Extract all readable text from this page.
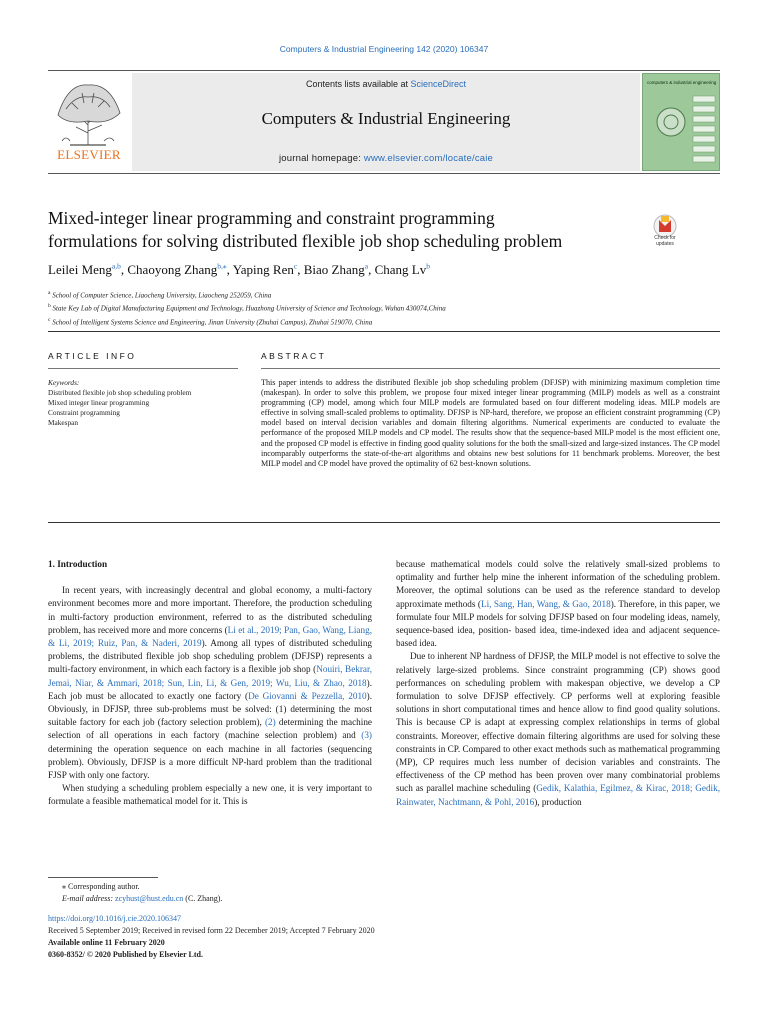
Computers & Industrial Engineering 142 (2020) 106347
ELSEVIER
Contents lists available at ScienceDirect
Computers & Industrial Engineering
journal homepage: www.elsevier.com/locate/caie
computers & industrial engineering
Mixed-integer linear programming and constraint programming
formulations for solving distributed flexible job shop scheduling problem	Check for updates
Leilei Meng$^{a,b}$, Chaoyong Zhang$^{b,⁎}$, Yaping Ren$^c$, Biao Zhang$^a$, Chang Lv$^b$
$^a$ School of Computer Science, Liaocheng University, Liaocheng 252059, China
$^b$ State Key Lab of Digital Manufacturing Equipment and Technology, Huazhong University of Science and Technology, Wuhan 430074,China
$^c$ School of Intelligent Systems Science and Engineering, Jinan University (Zhuhai Campus), Zhuhai 519070, China
ARTICLE INFO
Keywords:
Distributed flexible job shop scheduling problem
Mixed integer linear programming
Constraint programming
Makespan
ABSTRACT
This paper intends to address the distributed flexible job shop scheduling problem (DFJSP) with minimizing maximum completion time (makespan). In order to solve this problem, we propose four mixed integer linear programming (MILP) models as well as a constraint programming (CP) model, among which four MILP models are formulated based on four different modeling ideas. MILP models are effective in solving small-scaled problems to optimality. DFJSP is NP-hard, therefore, we propose an efficient constraint programming (CP) model based on interval decision variables and domain filtering algorithms. Numerical experiments are conducted to evaluate the performance of the proposed MILP models and CP model. The results show that the sequence-based MILP model is the most efficient one, and the proposed CP model is effective in finding good quality solutions for the both the small-sized and large-sized instances. The CP model incomparably outperforms the state-of-the-art algorithms and obtains new best solutions for 11 benchmark problems. Moreover, the best MILP model and CP model have proved the optimality of 62 best-known solutions.
1. Introduction

In recent years, with increasingly decentral and global economy, a multi-factory environment becomes more and more important. Therefore, the production scheduling in multi-factory production environment, referred to as the distributed scheduling problem, has received more and more concerns (Li et al., 2019; Pan, Gao, Wang, Liang, & Li, 2019; Ruiz, Pan, & Naderi, 2019). Among all types of distributed scheduling problems, the distributed flexible job shop scheduling problem (DFJSP) represents a multi-factory environment, in which each factory is a flexible job shop (Nouiri, Bekrar, Jemai, Niar, & Ammari, 2018; Sun, Lin, Li, & Gen, 2019; Wu, Liu, & Zhao, 2018). Each job must be allocated to exactly one factory (De Giovanni & Pezzella, 2010). Obviously, in DFJSP, three sub-problems must be solved: (1) determining the most suitable factory for each job (factory selection problem), (2) determining the machine selection of all operations in each factory (machine selection problem) and (3) determining the operation sequence on each machine in all factories (sequencing problem). Obviously, DFJSP is a more difficult NP-hard problem than the traditional FJSP with only one factory.

When studying a scheduling problem especially a new one, it is very important to formulate a feasible mathematical model for it. This is

because mathematical models could solve the relatively small-sized problems to optimality and further help mine the inherent information of the scheduling problem. Moreover, the optimal solutions can be used as the reference standard to develop approximate methods (Li, Sang, Han, Wang, & Gao, 2018). Therefore, in this paper, we formulate four MILP models for solving DFJSP based on four modeling ideas, namely, sequence-based idea, position- based idea, time-indexed idea and adjacent sequence-based idea.

Due to inherent NP hardness of DFJSP, the MILP model is not effective to solve the relatively large-sized problems. Since constraint programming (CP) shows good performances on scheduling problem with makespan objective, we develop a CP formulation to solve DFJSP effectively. CP performs well at exploring feasible solutions in short computational times and hence allow to find good quality solutions. This is because CP is adapt at expressing complex relationships in terms of global constraints. Moreover, effective domain filtering algorithms are used for solving these constraints in CP. Compared to other exact methods such as mathematical programming (MP), CP requires much less number of decision variables and constraints. The effectiveness of the CP method has been proven over many combinatorial problems such as parallel machine scheduling (Gedik, Kalathia, Egilmez, & Kirac, 2018; Gedik, Rainwater, Nachtmann, & Pohl, 2016), production

⁎ Corresponding author.
E-mail address: zcyhust@hust.edu.cn (C. Zhang).
https://doi.org/10.1016/j.cie.2020.106347
Received 5 September 2019; Received in revised form 22 December 2019; Accepted 7 February 2020
Available online 11 February 2020
0360-8352/ © 2020 Published by Elsevier Ltd.
